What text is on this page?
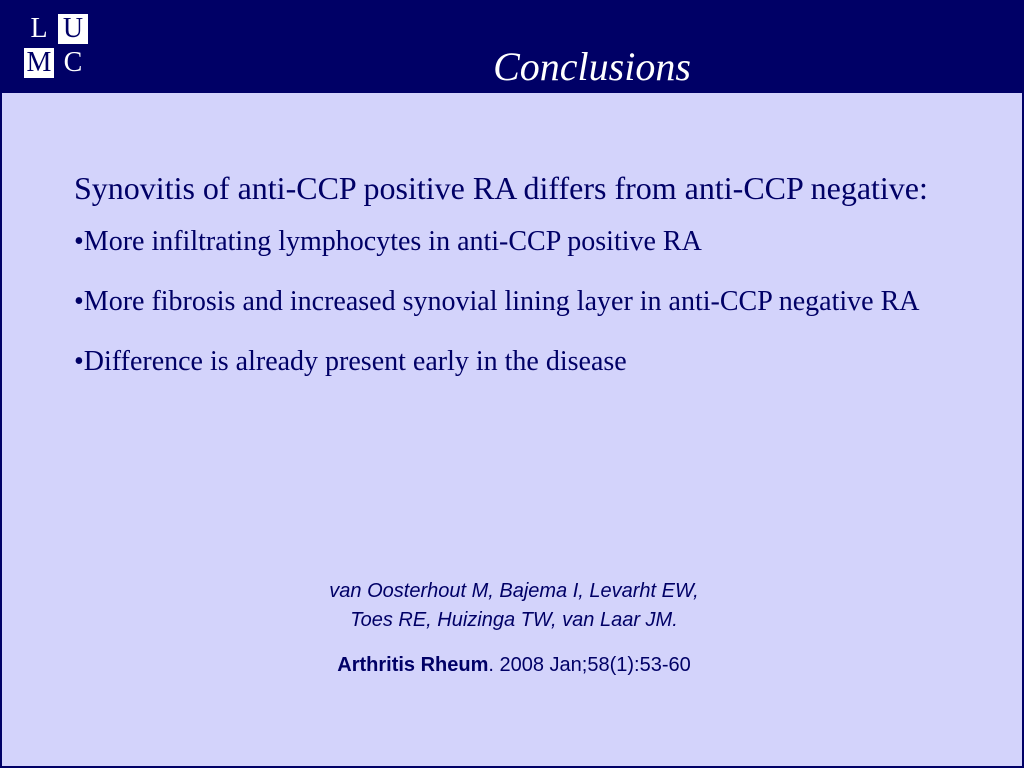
L U
M C	Conclusions

Synovitis of anti-CCP positive RA differs from anti-CCP negative:

•More infiltrating lymphocytes in anti-CCP positive RA

•More fibrosis and increased synovial lining layer in anti-CCP negative RA

•Difference is already present early in the disease

van Oosterhout M, Bajema I, Levarht EW,
Toes RE, Huizinga TW, van Laar JM.
Arthritis Rheum. 2008 Jan;58(1):53-60
